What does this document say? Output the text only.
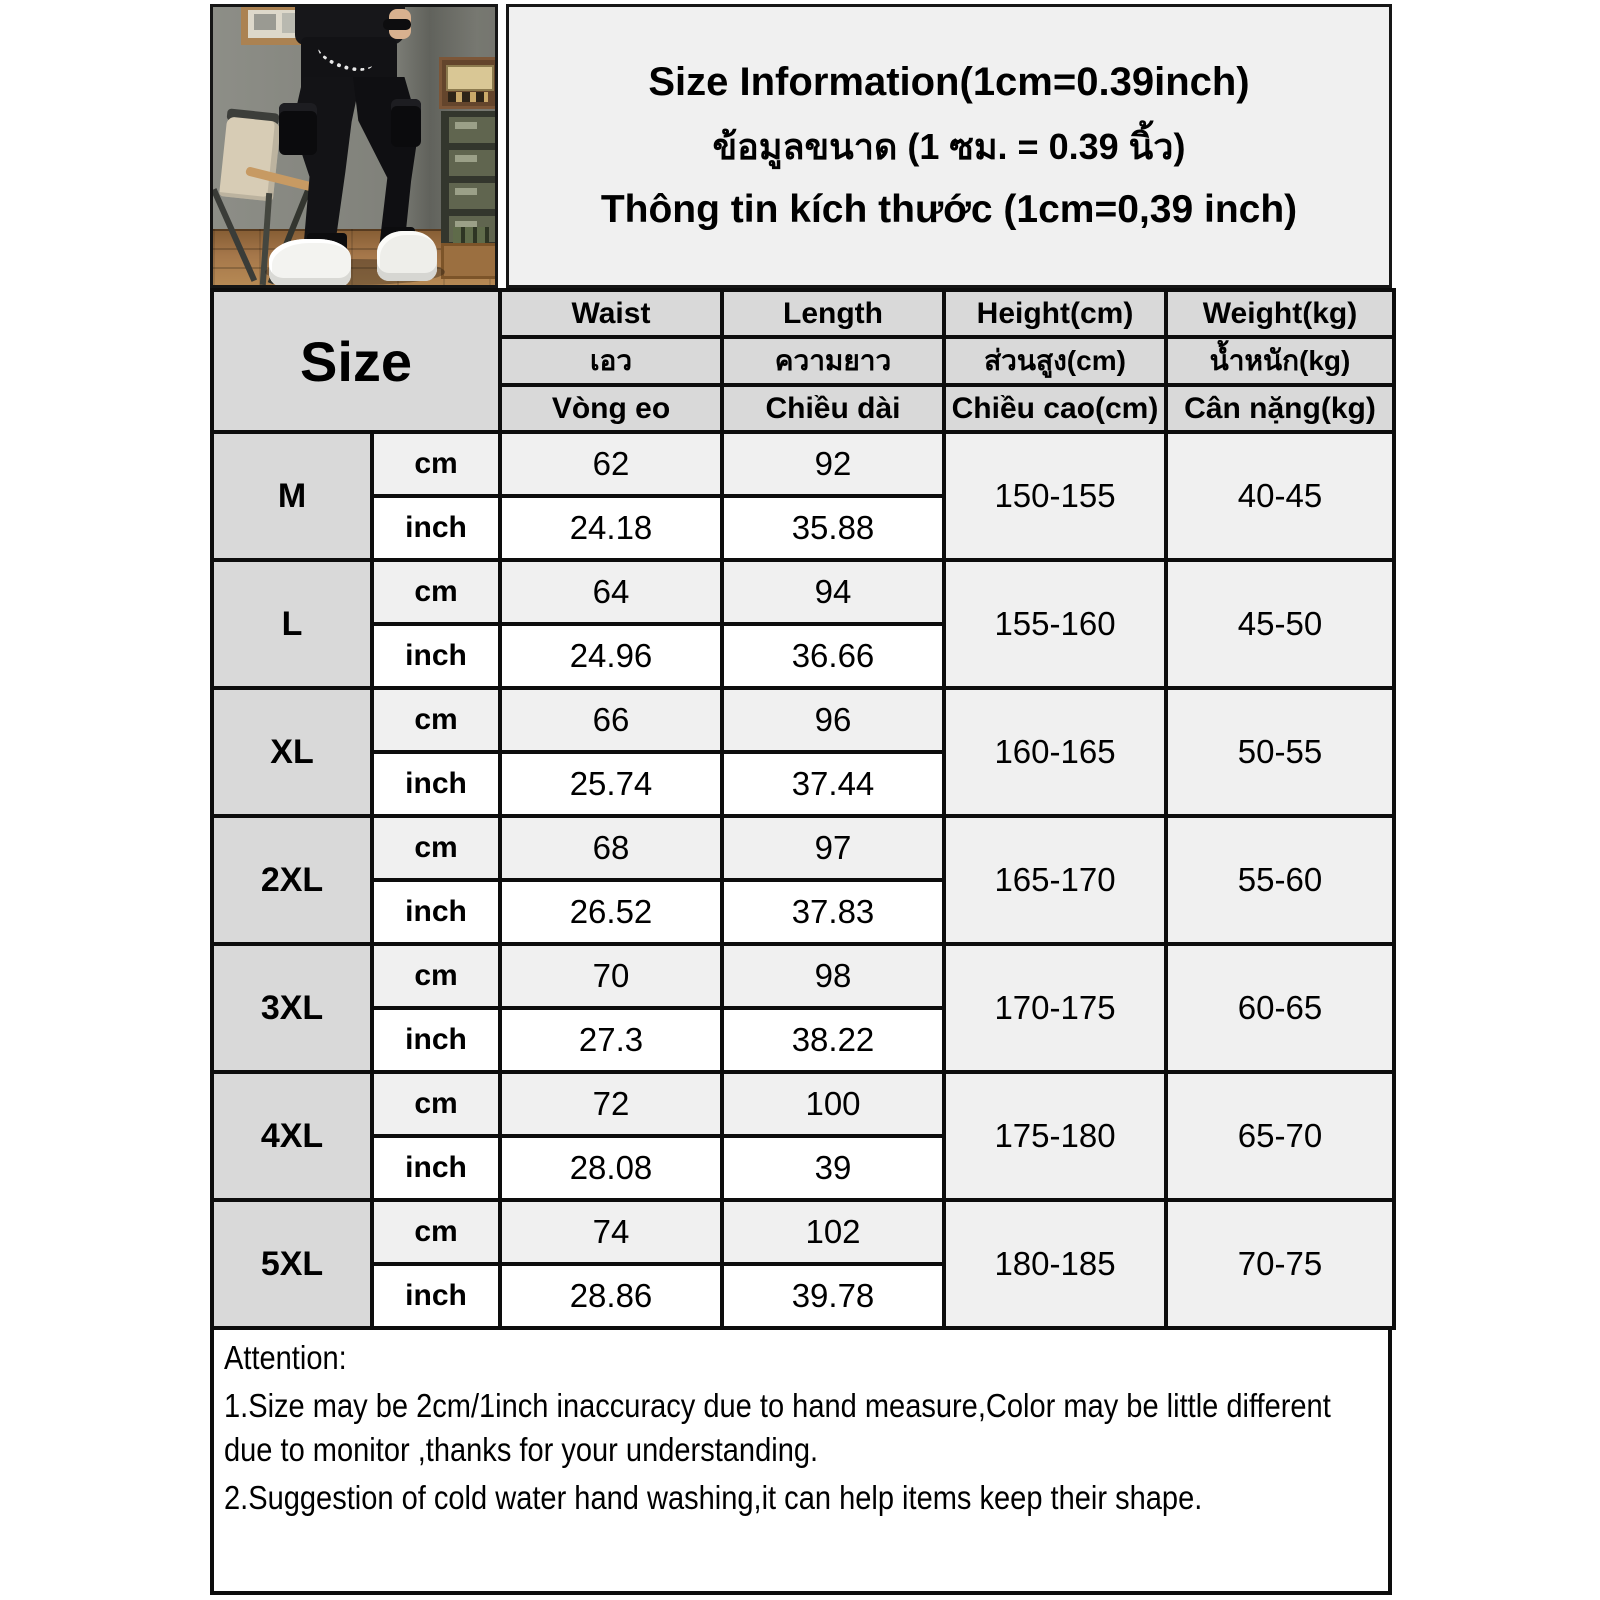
Size Information(1cm=0.39inch)
ข้อมูลขนาด (1 ซม. = 0.39 นิ้ว)
Thông tin kích thước (1cm=0,39 inch)
Size		Waist	Length	Height(cm)	Weight(kg)
		เอว	ความยาว	ส่วนสูง(cm)	น้ำหนัก(kg)
		Vòng eo	Chiều dài	Chiều cao(cm)	Cân nặng(kg)
M	cm	62	92	150-155	40-45
	inch	24.18	35.88		
L	cm	64	94	155-160	45-50
	inch	24.96	36.66		
XL	cm	66	96	160-165	50-55
	inch	25.74	37.44		
2XL	cm	68	97	165-170	55-60
	inch	26.52	37.83		
3XL	cm	70	98	170-175	60-65
	inch	27.3	38.22		
4XL	cm	72	100	175-180	65-70
	inch	28.08	39		
5XL	cm	74	102	180-185	70-75
	inch	28.86	39.78		

Attention:

1.Size may be 2cm/1inch inaccuracy due to hand measure,Color may be little different due to monitor ,thanks for your understanding.

2.Suggestion of cold water hand washing,it can help items keep their shape.
